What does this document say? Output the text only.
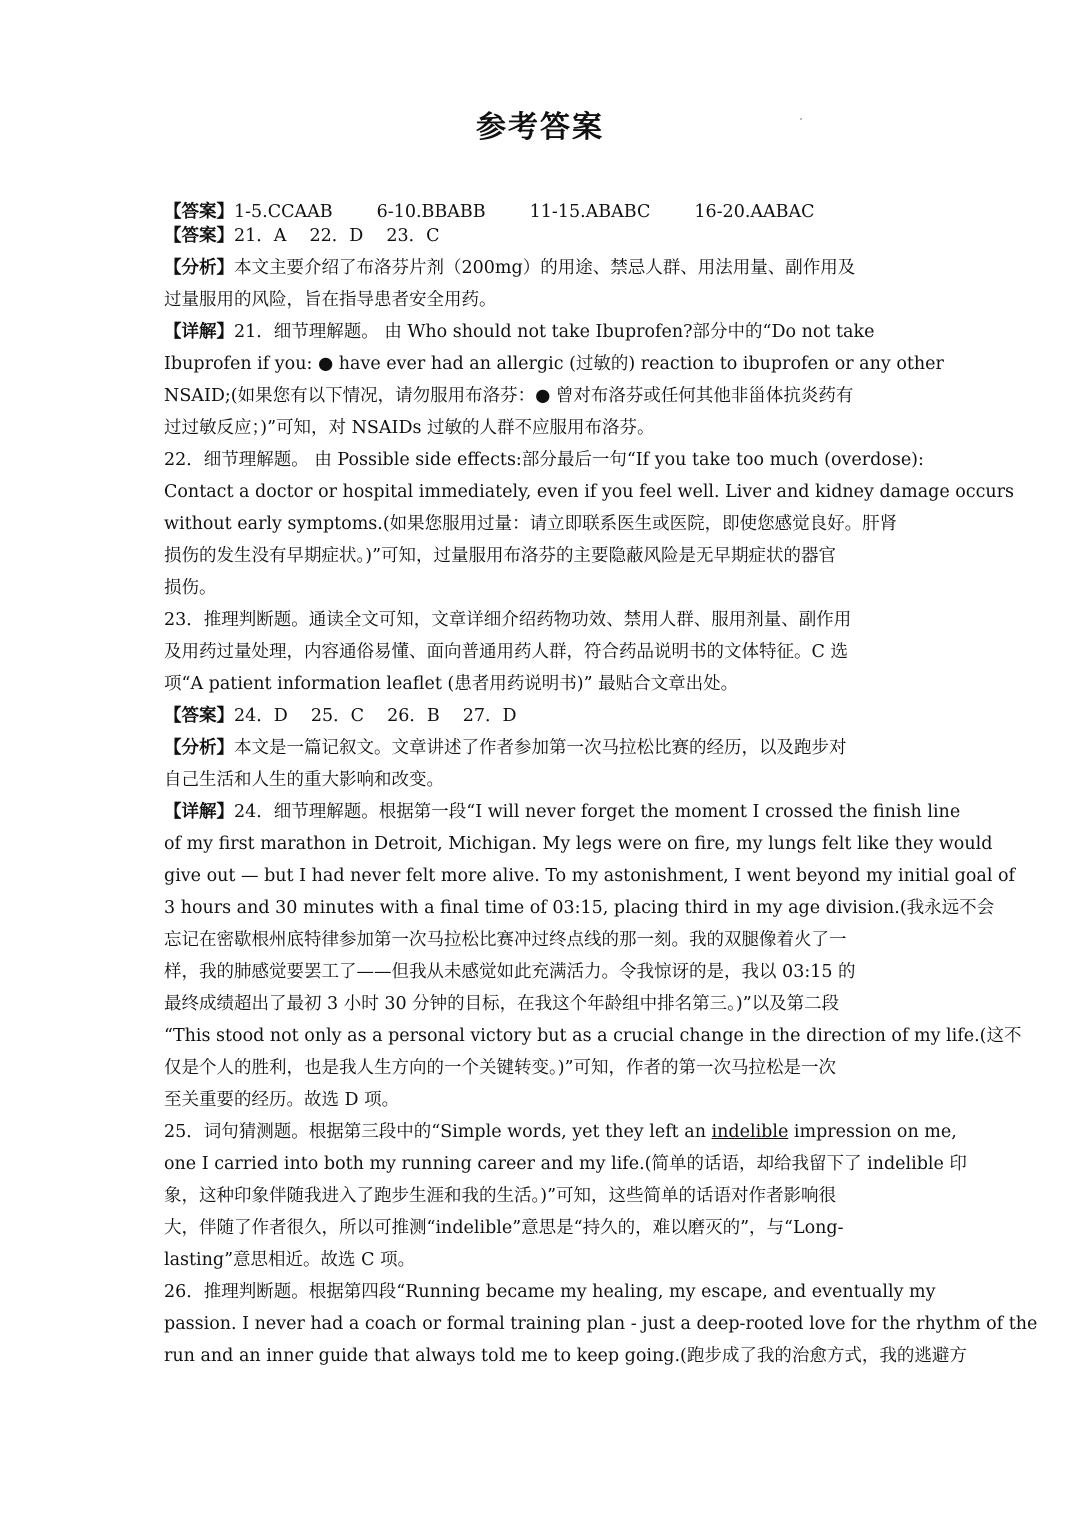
参考答案

【答案】1-5.CCAAB	6-10.BBABB	11-15.ABABC	16-20.AABAC

【答案】21．A　 22．D　 23．C

【分析】本文主要介绍了布洛芬片剂（200mg）的用途、禁忌人群、用法用量、副作用及

过量服用的风险，旨在指导患者安全用药。

【详解】21．细节理解题。 由 Who should not take Ibuprofen?部分中的“Do not take

Ibuprofen if you: ● have ever had an allergic (过敏的) reaction to ibuprofen or any other

NSAID;(如果您有以下情况，请勿服用布洛芬：● 曾对布洛芬或任何其他非甾体抗炎药有

过过敏反应；)”可知，对 NSAIDs 过敏的人群不应服用布洛芬。

22．细节理解题。 由 Possible side effects:部分最后一句“If you take too much (overdose):

Contact a doctor or hospital immediately, even if you feel well. Liver and kidney damage occurs

without early symptoms.(如果您服用过量：请立即联系医生或医院，即使您感觉良好。肝肾

损伤的发生没有早期症状。)”可知，过量服用布洛芬的主要隐蔽风险是无早期症状的器官

损伤。

23．推理判断题。通读全文可知，文章详细介绍药物功效、禁用人群、服用剂量、副作用

及用药过量处理，内容通俗易懂、面向普通用药人群，符合药品说明书的文体特征。C 选

项“A patient information leaflet (患者用药说明书)” 最贴合文章出处。

【答案】24．D　 25．C　 26．B　 27．D

【分析】本文是一篇记叙文。文章讲述了作者参加第一次马拉松比赛的经历，以及跑步对

自己生活和人生的重大影响和改变。

【详解】24．细节理解题。根据第一段“I will never forget the moment I crossed the finish line

of my first marathon in Detroit, Michigan. My legs were on fire, my lungs felt like they would

give out — but I had never felt more alive. To my astonishment, I went beyond my initial goal of

3 hours and 30 minutes with a final time of 03:15, placing third in my age division.(我永远不会

忘记在密歇根州底特律参加第一次马拉松比赛冲过终点线的那一刻。我的双腿像着火了一

样，我的肺感觉要罢工了——但我从未感觉如此充满活力。令我惊讶的是，我以 03:15 的

最终成绩超出了最初 3 小时 30 分钟的目标，在我这个年龄组中排名第三。)”以及第二段

“This stood not only as a personal victory but as a crucial change in the direction of my life.(这不

仅是个人的胜利，也是我人生方向的一个关键转变。)”可知，作者的第一次马拉松是一次

至关重要的经历。故选 D 项。

25．词句猜测题。根据第三段中的“Simple words, yet they left an indelible impression on me,

one I carried into both my running career and my life.(简单的话语，却给我留下了 indelible 印

象，这种印象伴随我进入了跑步生涯和我的生活。)”可知，这些简单的话语对作者影响很

大，伴随了作者很久，所以可推测“indelible”意思是“持久的，难以磨灭的”，与“Long-

lasting”意思相近。故选 C 项。

26．推理判断题。根据第四段“Running became my healing, my escape, and eventually my

passion. I never had a coach or formal training plan - just a deep-rooted love for the rhythm of the

run and an inner guide that always told me to keep going.(跑步成了我的治愈方式，我的逃避方
